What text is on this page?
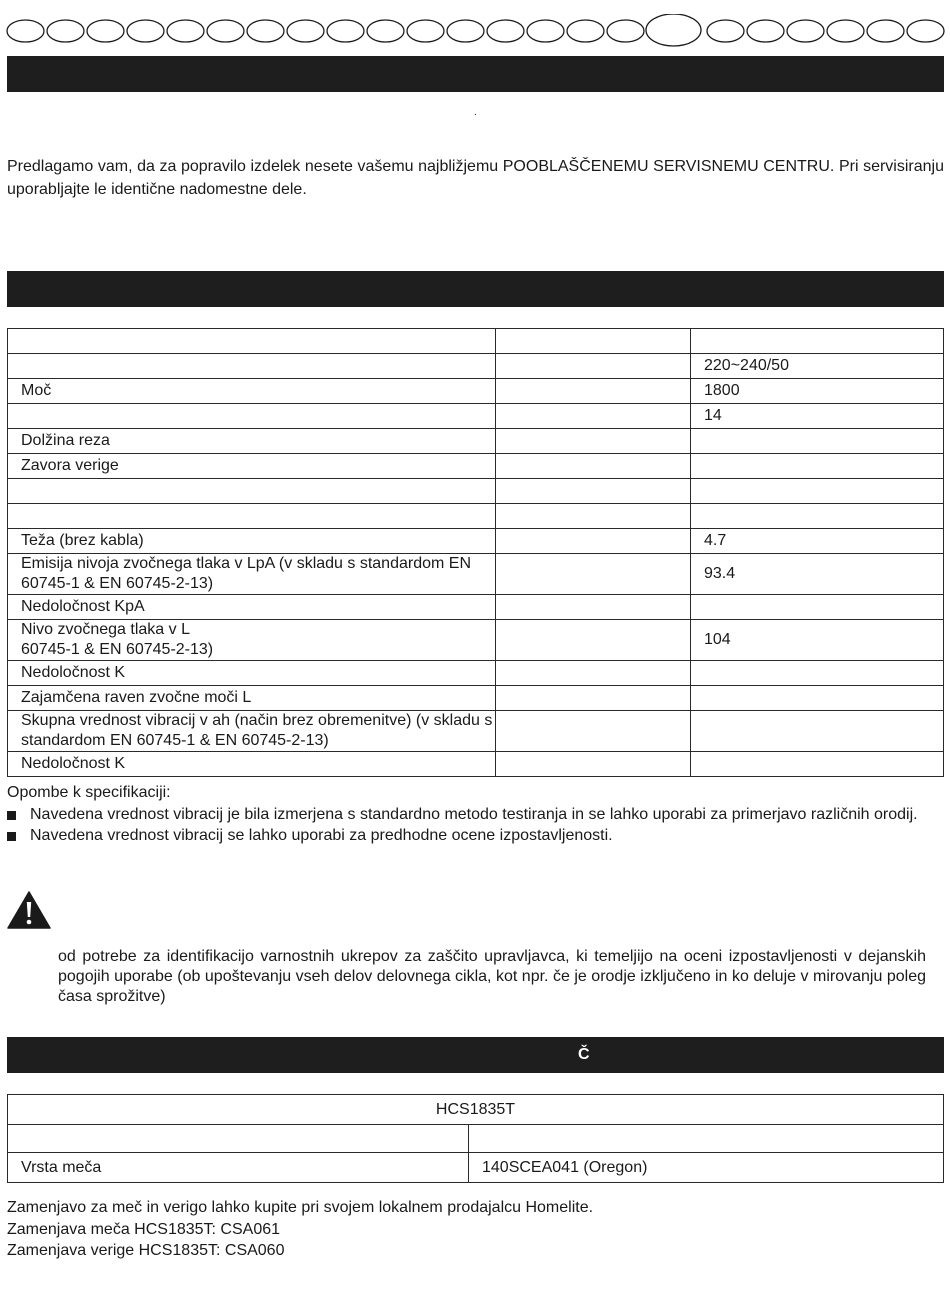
.

Predlagamo vam, da za popravilo izdelek nesete vašemu najbližjemu POOBLAŠČENEMU SERVISNEMU CENTRU. Pri servisiranju uporabljajte le identične nadomestne dele.

		220~240/50
Moč		1800
		14
Dolžina reza		
Zavora verige		

Teža (brez kabla)		4.7
Emisija nivoja zvočnega tlaka v LpA (v skladu s standardom EN 60745-1 & EN 60745-2-13)		93.4
Nedoločnost KpA		

Nivo zvočnega tlaka v L 60745-1 & EN 60745-2-13)		104
Nedoločnost K		
Zajamčena raven zvočne moči L		
Skupna vrednost vibracij v ah (način brez obremenitve) (v skladu s standardom EN 60745-1 & EN 60745-2-13)		
Nedoločnost K		
Opombe k specifikaciji:
Navedena vrednost vibracij je bila izmerjena s standardno metodo testiranja in se lahko uporabi za primerjavo različnih orodij.
Navedena vrednost vibracij se lahko uporabi za predhodne ocene izpostavljenosti.

od potrebe za identifikacijo varnostnih ukrepov za zaščito upravljavca, ki temeljijo na oceni izpostavljenosti v dejanskih pogojih uporabe (ob upoštevanju vseh delov delovnega cikla, kot npr. če je orodje izključeno in ko deluje v mirovanju poleg časa sprožitve)

Č
HCS1835T	

Vrsta meča	140SCEA041 (Oregon)
Zamenjavo za meč in verigo lahko kupite pri svojem lokalnem prodajalcu Homelite.
Zamenjava meča HCS1835T: CSA061
Zamenjava verige HCS1835T: CSA060
